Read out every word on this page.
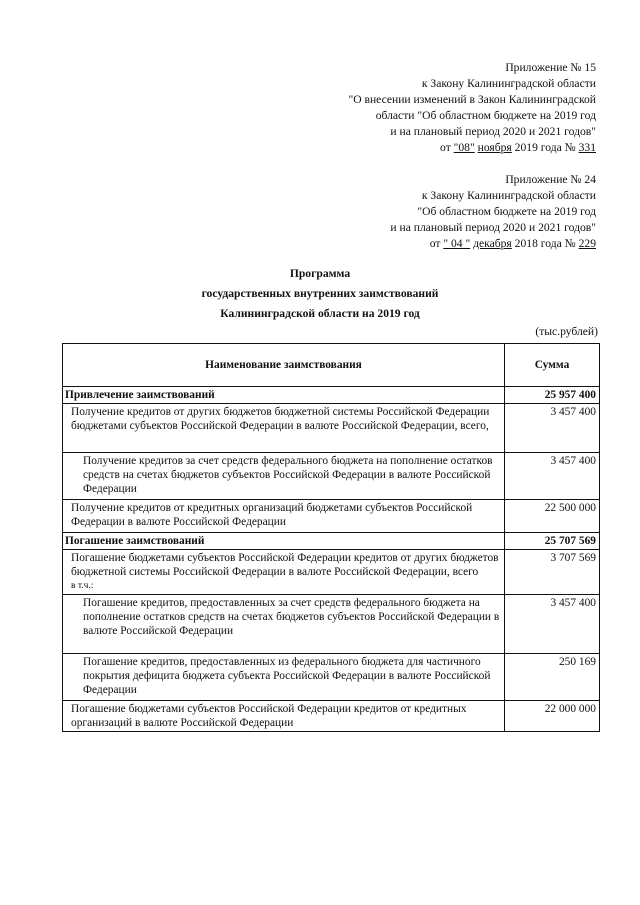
Приложение № 15
к Закону Калининградской области
"О внесении изменений в Закон Калининградской
области "Об областном бюджете на 2019 год
и на плановый период 2020 и 2021 годов"
от "08" ноября 2019 года № 331
Приложение № 24
к Закону Калининградской области
"Об областном бюджете на 2019 год
и на плановый период 2020 и 2021 годов"
от " 04 " декабря 2018 года № 229
Программа
государственных внутренних заимствований
Калининградской области на 2019 год
(тыс.рублей)
Наименование заимствования	Сумма
Привлечение заимствований	25 957 400
Получение кредитов от других бюджетов бюджетной системы Российской Федерации бюджетами субъектов Российской Федерации в валюте Российской Федерации, всего,	3 457 400
Получение кредитов за счет средств федерального бюджета на пополнение остатков средств на счетах бюджетов субъектов Российской Федерации в валюте Российской Федерации	3 457 400
Получение кредитов от кредитных организаций бюджетами субъектов Российской Федерации в валюте Российской Федерации	22 500 000
Погашение заимствований	25 707 569
Погашение бюджетами субъектов Российской Федерации кредитов от других бюджетов бюджетной системы Российской Федерации в валюте Российской Федерации, всего
в т.ч.:	3 707 569
Погашение кредитов, предоставленных за счет средств федерального бюджета на пополнение остатков средств на счетах бюджетов субъектов Российской Федерации в валюте Российской Федерации	3 457 400
Погашение кредитов, предоставленных из федерального бюджета для частичного покрытия дефицита бюджета субъекта Российской Федерации в валюте Российской Федерации	250 169
Погашение бюджетами субъектов Российской Федерации кредитов от кредитных организаций в валюте Российской Федерации	22 000 000
